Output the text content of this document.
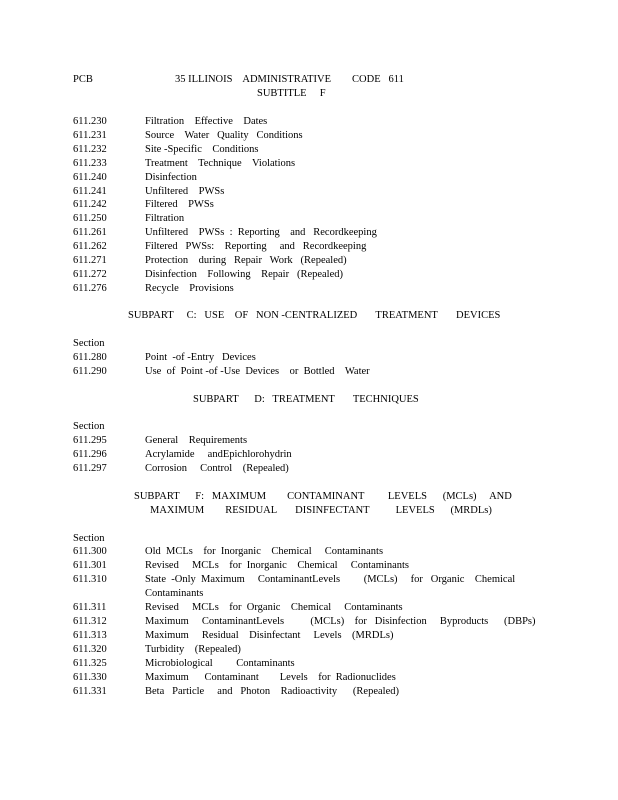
PCB	35 ILLINOIS    ADMINISTRATIVE        CODE   611
SUBTITLE     F
611.230	Filtration    Effective    Dates
611.231	Source    Water   Quality   Conditions
611.232	Site -Specific    Conditions
611.233	Treatment    Technique    Violations
611.240	Disinfection
611.241	Unfiltered    PWSs
611.242	Filtered    PWSs
611.250	Filtration
611.261	Unfiltered    PWSs  :  Reporting    and   Recordkeeping
611.262	Filtered   PWSs:    Reporting     and   Recordkeeping
611.271	Protection    during   Repair   Work   (Repealed)
611.272	Disinfection    Following    Repair   (Repealed)
611.276	Recycle    Provisions
SUBPART     C:   USE    OF   NON -CENTRALIZED       TREATMENT       DEVICES
Section
611.280	Point  -of -Entry   Devices
611.290	Use  of  Point -of -Use  Devices    or  Bottled    Water
SUBPART      D:   TREATMENT       TECHNIQUES
Section
611.295	General    Requirements
611.296	Acrylamide     andEpichlorohydrin
611.297	Corrosion     Control    (Repealed)
SUBPART      F:   MAXIMUM        CONTAMINANT         LEVELS      (MCLs)     AND
MAXIMUM        RESIDUAL       DISINFECTANT          LEVELS      (MRDLs)
Section
611.300	Old  MCLs    for  Inorganic    Chemical     Contaminants
611.301	Revised     MCLs    for  Inorganic    Chemical     Contaminants
611.310	State  -Only  Maximum     ContaminantLevels         (MCLs)     for   Organic    Chemical
Contaminants
611.311	Revised     MCLs    for  Organic    Chemical     Contaminants
611.312	Maximum     ContaminantLevels          (MCLs)    for   Disinfection     Byproducts      (DBPs)
611.313	Maximum     Residual    Disinfectant     Levels    (MRDLs)
611.320	Turbidity    (Repealed)
611.325	Microbiological         Contaminants
611.330	Maximum      Contaminant        Levels    for  Radionuclides
611.331	Beta   Particle     and   Photon    Radioactivity      (Repealed)
